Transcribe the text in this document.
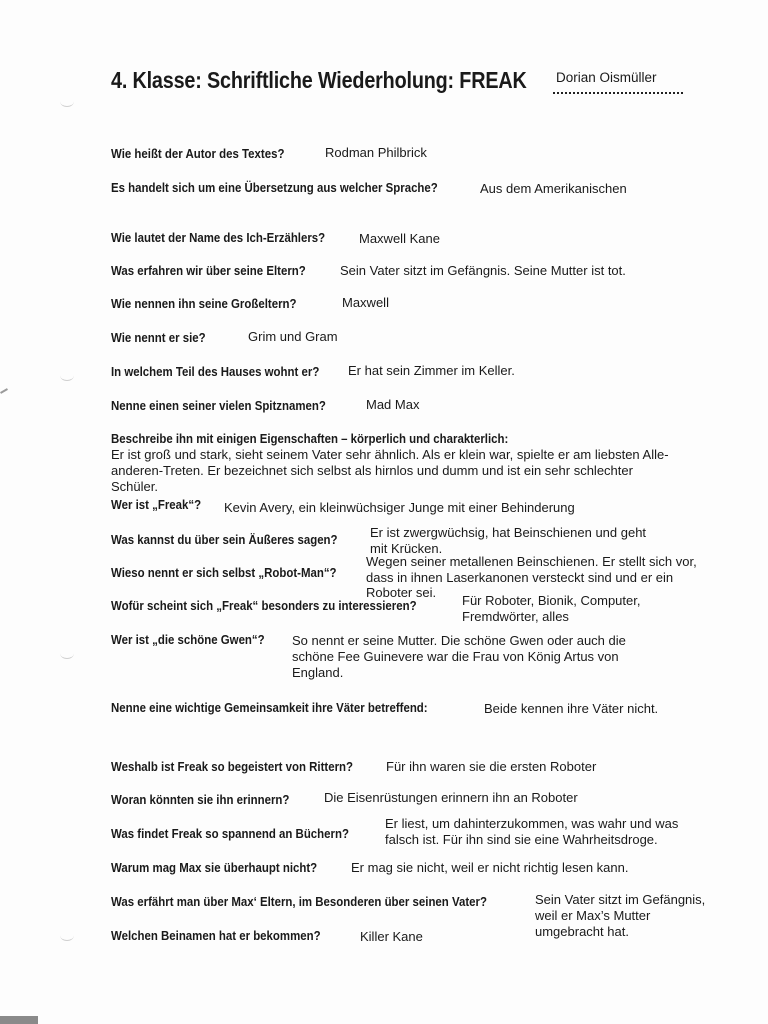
4. Klasse: Schriftliche Wiederholung: FREAK Dorian Oismüller
Wie heißt der Autor des Textes?	Rodman Philbrick
Es handelt sich um eine Übersetzung aus welcher Sprache?	Aus dem Amerikanischen
Wie lautet der Name des Ich-Erzählers?	Maxwell Kane
Was erfahren wir über seine Eltern?	Sein Vater sitzt im Gefängnis. Seine Mutter ist tot.
Wie nennen ihn seine Großeltern?	Maxwell
Wie nennt er sie?	Grim und Gram
In welchem Teil des Hauses wohnt er? Er hat sein Zimmer im Keller.
Nenne einen seiner vielen Spitznamen?	Mad Max
Beschreibe ihn mit einigen Eigenschaften – körperlich und charakterlich:
Er ist groß und stark, sieht seinem Vater sehr ähnlich. Als er klein war, spielte er am liebsten Alle-
anderen-Treten. Er bezeichnet sich selbst als hirnlos und dumm und ist ein sehr schlechter
Schüler.
Wer ist „Freak“? Kevin Avery, ein kleinwüchsiger Junge mit einer Behinderung
Was kannst du über sein Äußeres sagen? Er ist zwergwüchsig, hat Beinschienen und geht
mit Krücken.
Wieso nennt er sich selbst „Robot-Man“?
Wegen seiner metallenen Beinschienen. Er stellt sich vor,
dass in ihnen Laserkanonen versteckt sind und er ein
Roboter sei.
Wofür scheint sich „Freak“ besonders zu interessieren?	Für Roboter, Bionik, Computer,
Fremdwörter, alles
Wer ist „die schöne Gwen“? So nennt er seine Mutter. Die schöne Gwen oder auch die
schöne Fee Guinevere war die Frau von König Artus von
England.
Nenne eine wichtige Gemeinsamkeit ihre Väter betreffend:	Beide kennen ihre Väter nicht.
Weshalb ist Freak so begeistert von Rittern?	Für ihn waren sie die ersten Roboter
Woran könnten sie ihn erinnern?	Die Eisenrüstungen erinnern ihn an Roboter
Was findet Freak so spannend an Büchern?
Er liest, um dahinterzukommen, was wahr und was
falsch ist. Für ihn sind sie eine Wahrheitsdroge.
Warum mag Max sie überhaupt nicht?	Er mag sie nicht, weil er nicht richtig lesen kann.
Was erfährt man über Max‘ Eltern, im Besonderen über seinen Vater?	Sein Vater sitzt im Gefängnis,
weil er Max’s Mutter
umgebracht hat.
Welchen Beinamen hat er bekommen?	Killer Kane
